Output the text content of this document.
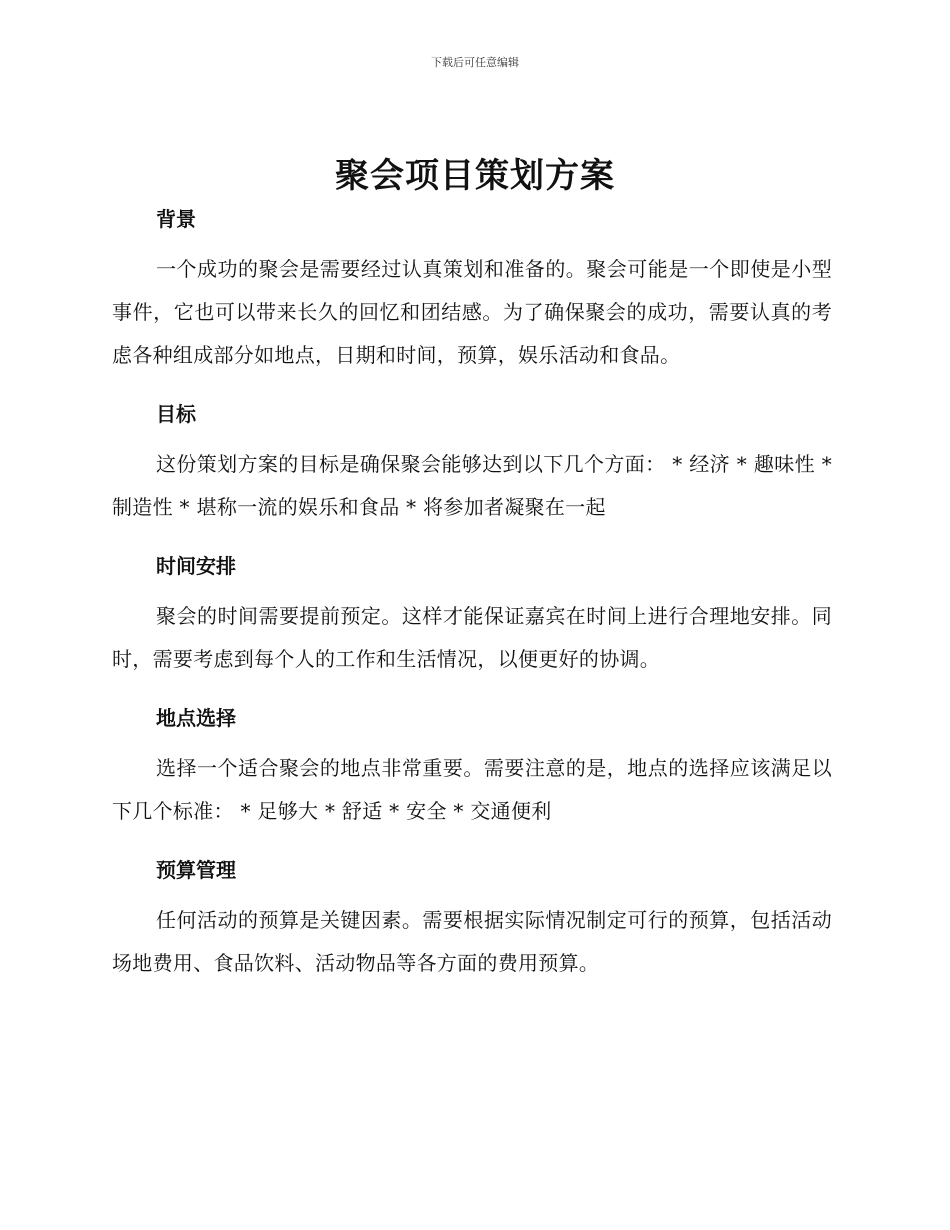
下载后可任意编辑
聚会项目策划方案
背景

一个成功的聚会是需要经过认真策划和准备的。聚会可能是一个即使是小型事件，它也可以带来长久的回忆和团结感。为了确保聚会的成功，需要认真的考虑各种组成部分如地点，日期和时间，预算，娱乐活动和食品。

目标

这份策划方案的目标是确保聚会能够达到以下几个方面： * 经济 * 趣味性 * 制造性 * 堪称一流的娱乐和食品 * 将参加者凝聚在一起

时间安排

聚会的时间需要提前预定。这样才能保证嘉宾在时间上进行合理地安排。同时，需要考虑到每个人的工作和生活情况，以便更好的协调。

地点选择

选择一个适合聚会的地点非常重要。需要注意的是，地点的选择应该满足以下几个标准： * 足够大 * 舒适 * 安全 * 交通便利

预算管理

任何活动的预算是关键因素。需要根据实际情况制定可行的预算，包括活动场地费用、食品饮料、活动物品等各方面的费用预算。
